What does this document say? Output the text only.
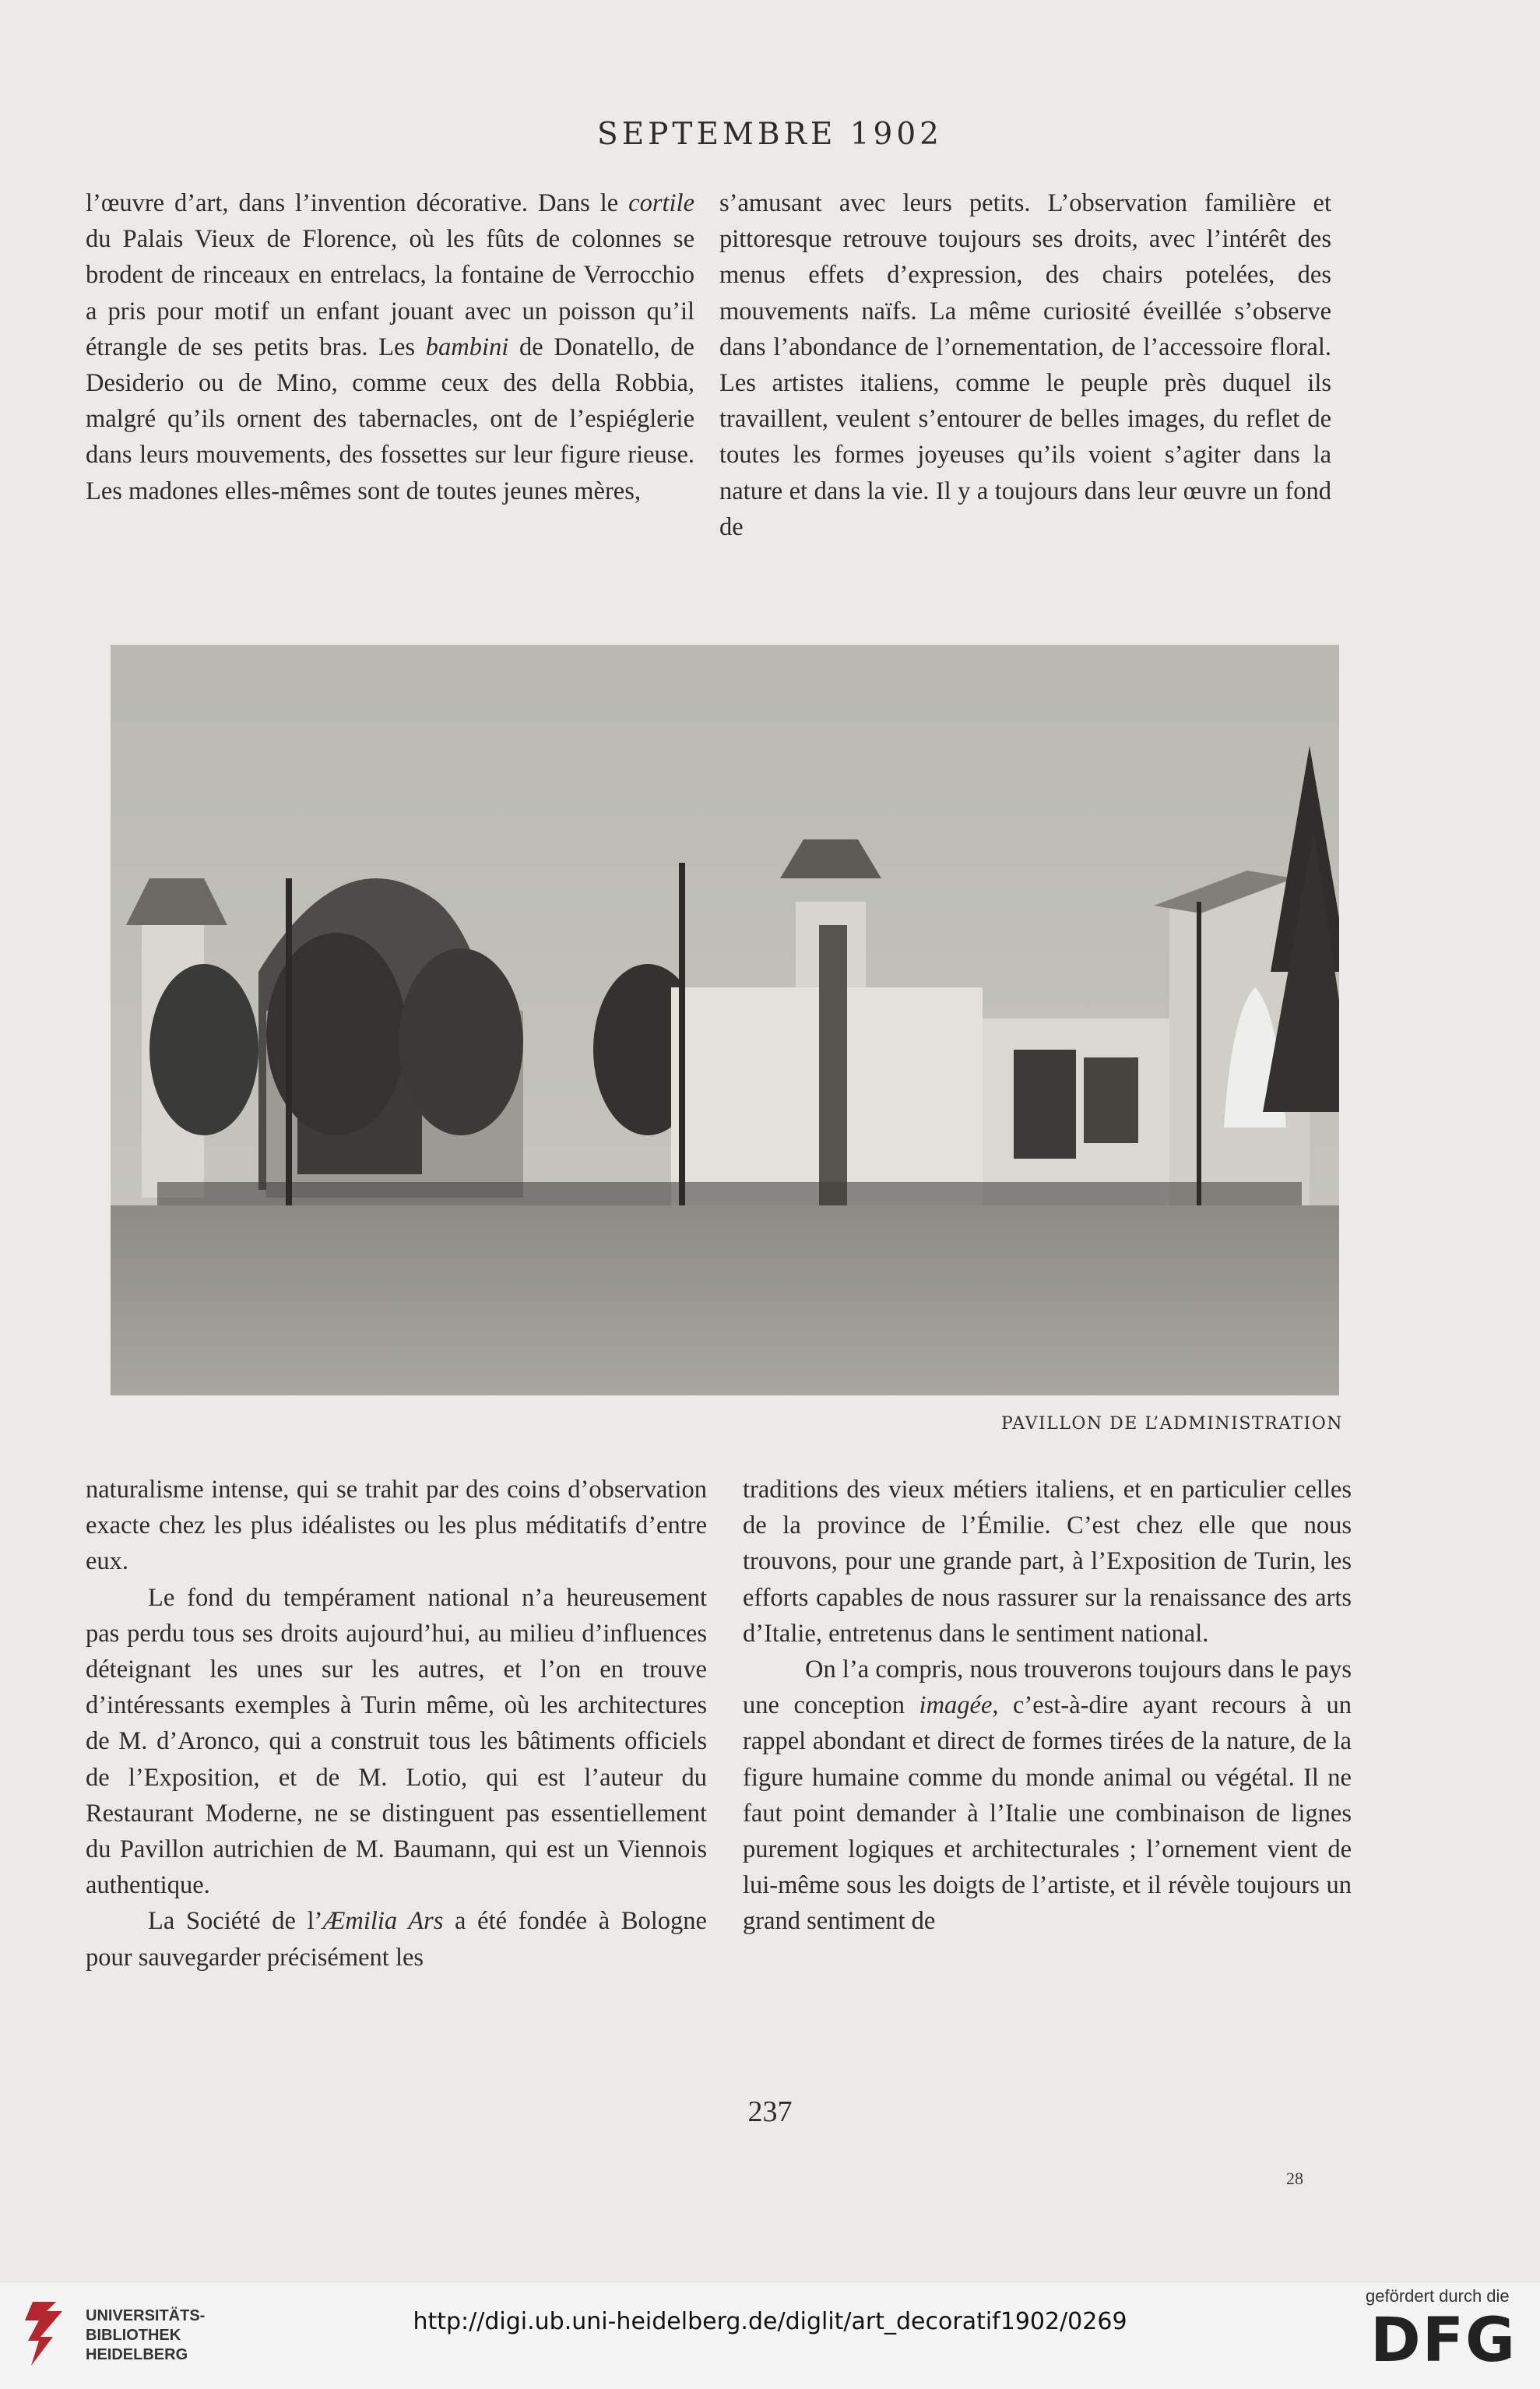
SEPTEMBRE 1902

l’œuvre d’art, dans l’invention décorative. Dans le cortile du Palais Vieux de Florence, où les fûts de colonnes se brodent de rinceaux en entrelacs, la fontaine de Verrocchio a pris pour motif un enfant jouant avec un poisson qu’il étrangle de ses petits bras. Les bambini de Donatello, de Desiderio ou de Mino, comme ceux des della Robbia, malgré qu’ils ornent des tabernacles, ont de l’espiéglerie dans leurs mouvements, des fossettes sur leur figure rieuse. Les madones elles-mêmes sont de toutes jeunes mères,

s’amusant avec leurs petits. L’observation familière et pittoresque retrouve toujours ses droits, avec l’intérêt des menus effets d’expression, des chairs potelées, des mouvements naïfs. La même curiosité éveillée s’observe dans l’abondance de l’ornementation, de l’accessoire floral. Les artistes italiens, comme le peuple près duquel ils travaillent, veulent s’entourer de belles images, du reflet de toutes les formes joyeuses qu’ils voient s’agiter dans la nature et dans la vie. Il y a toujours dans leur œuvre un fond de

PAVILLON DE L’ADMINISTRATION

naturalisme intense, qui se trahit par des coins d’observation exacte chez les plus idéalistes ou les plus méditatifs d’entre eux.

Le fond du tempérament national n’a heureusement pas perdu tous ses droits aujourd’hui, au milieu d’influences déteignant les unes sur les autres, et l’on en trouve d’intéressants exemples à Turin même, où les architectures de M. d’Aronco, qui a construit tous les bâtiments officiels de l’Exposition, et de M. Lotio, qui est l’auteur du Restaurant Moderne, ne se distinguent pas essentiellement du Pavillon autrichien de M. Baumann, qui est un Viennois authentique.

La Société de l’Æmilia Ars a été fondée à Bologne pour sauvegarder précisément les

traditions des vieux métiers italiens, et en particulier celles de la province de l’Émilie. C’est chez elle que nous trouvons, pour une grande part, à l’Exposition de Turin, les efforts capables de nous rassurer sur la renaissance des arts d’Italie, entretenus dans le sentiment national.

On l’a compris, nous trouverons toujours dans le pays une conception imagée, c’est-à-dire ayant recours à un rappel abondant et direct de formes tirées de la nature, de la figure humaine comme du monde animal ou végétal. Il ne faut point demander à l’Italie une combinaison de lignes purement logiques et architecturales ; l’ornement vient de lui-même sous les doigts de l’artiste, et il révèle toujours un grand sentiment de

237
28
UNIVERSITÄTS-
BIBLIOTHEK
HEIDELBERG
http://digi.ub.uni-heidelberg.de/diglit/art_decoratif1902/0269
gefördert durch die
DFG
